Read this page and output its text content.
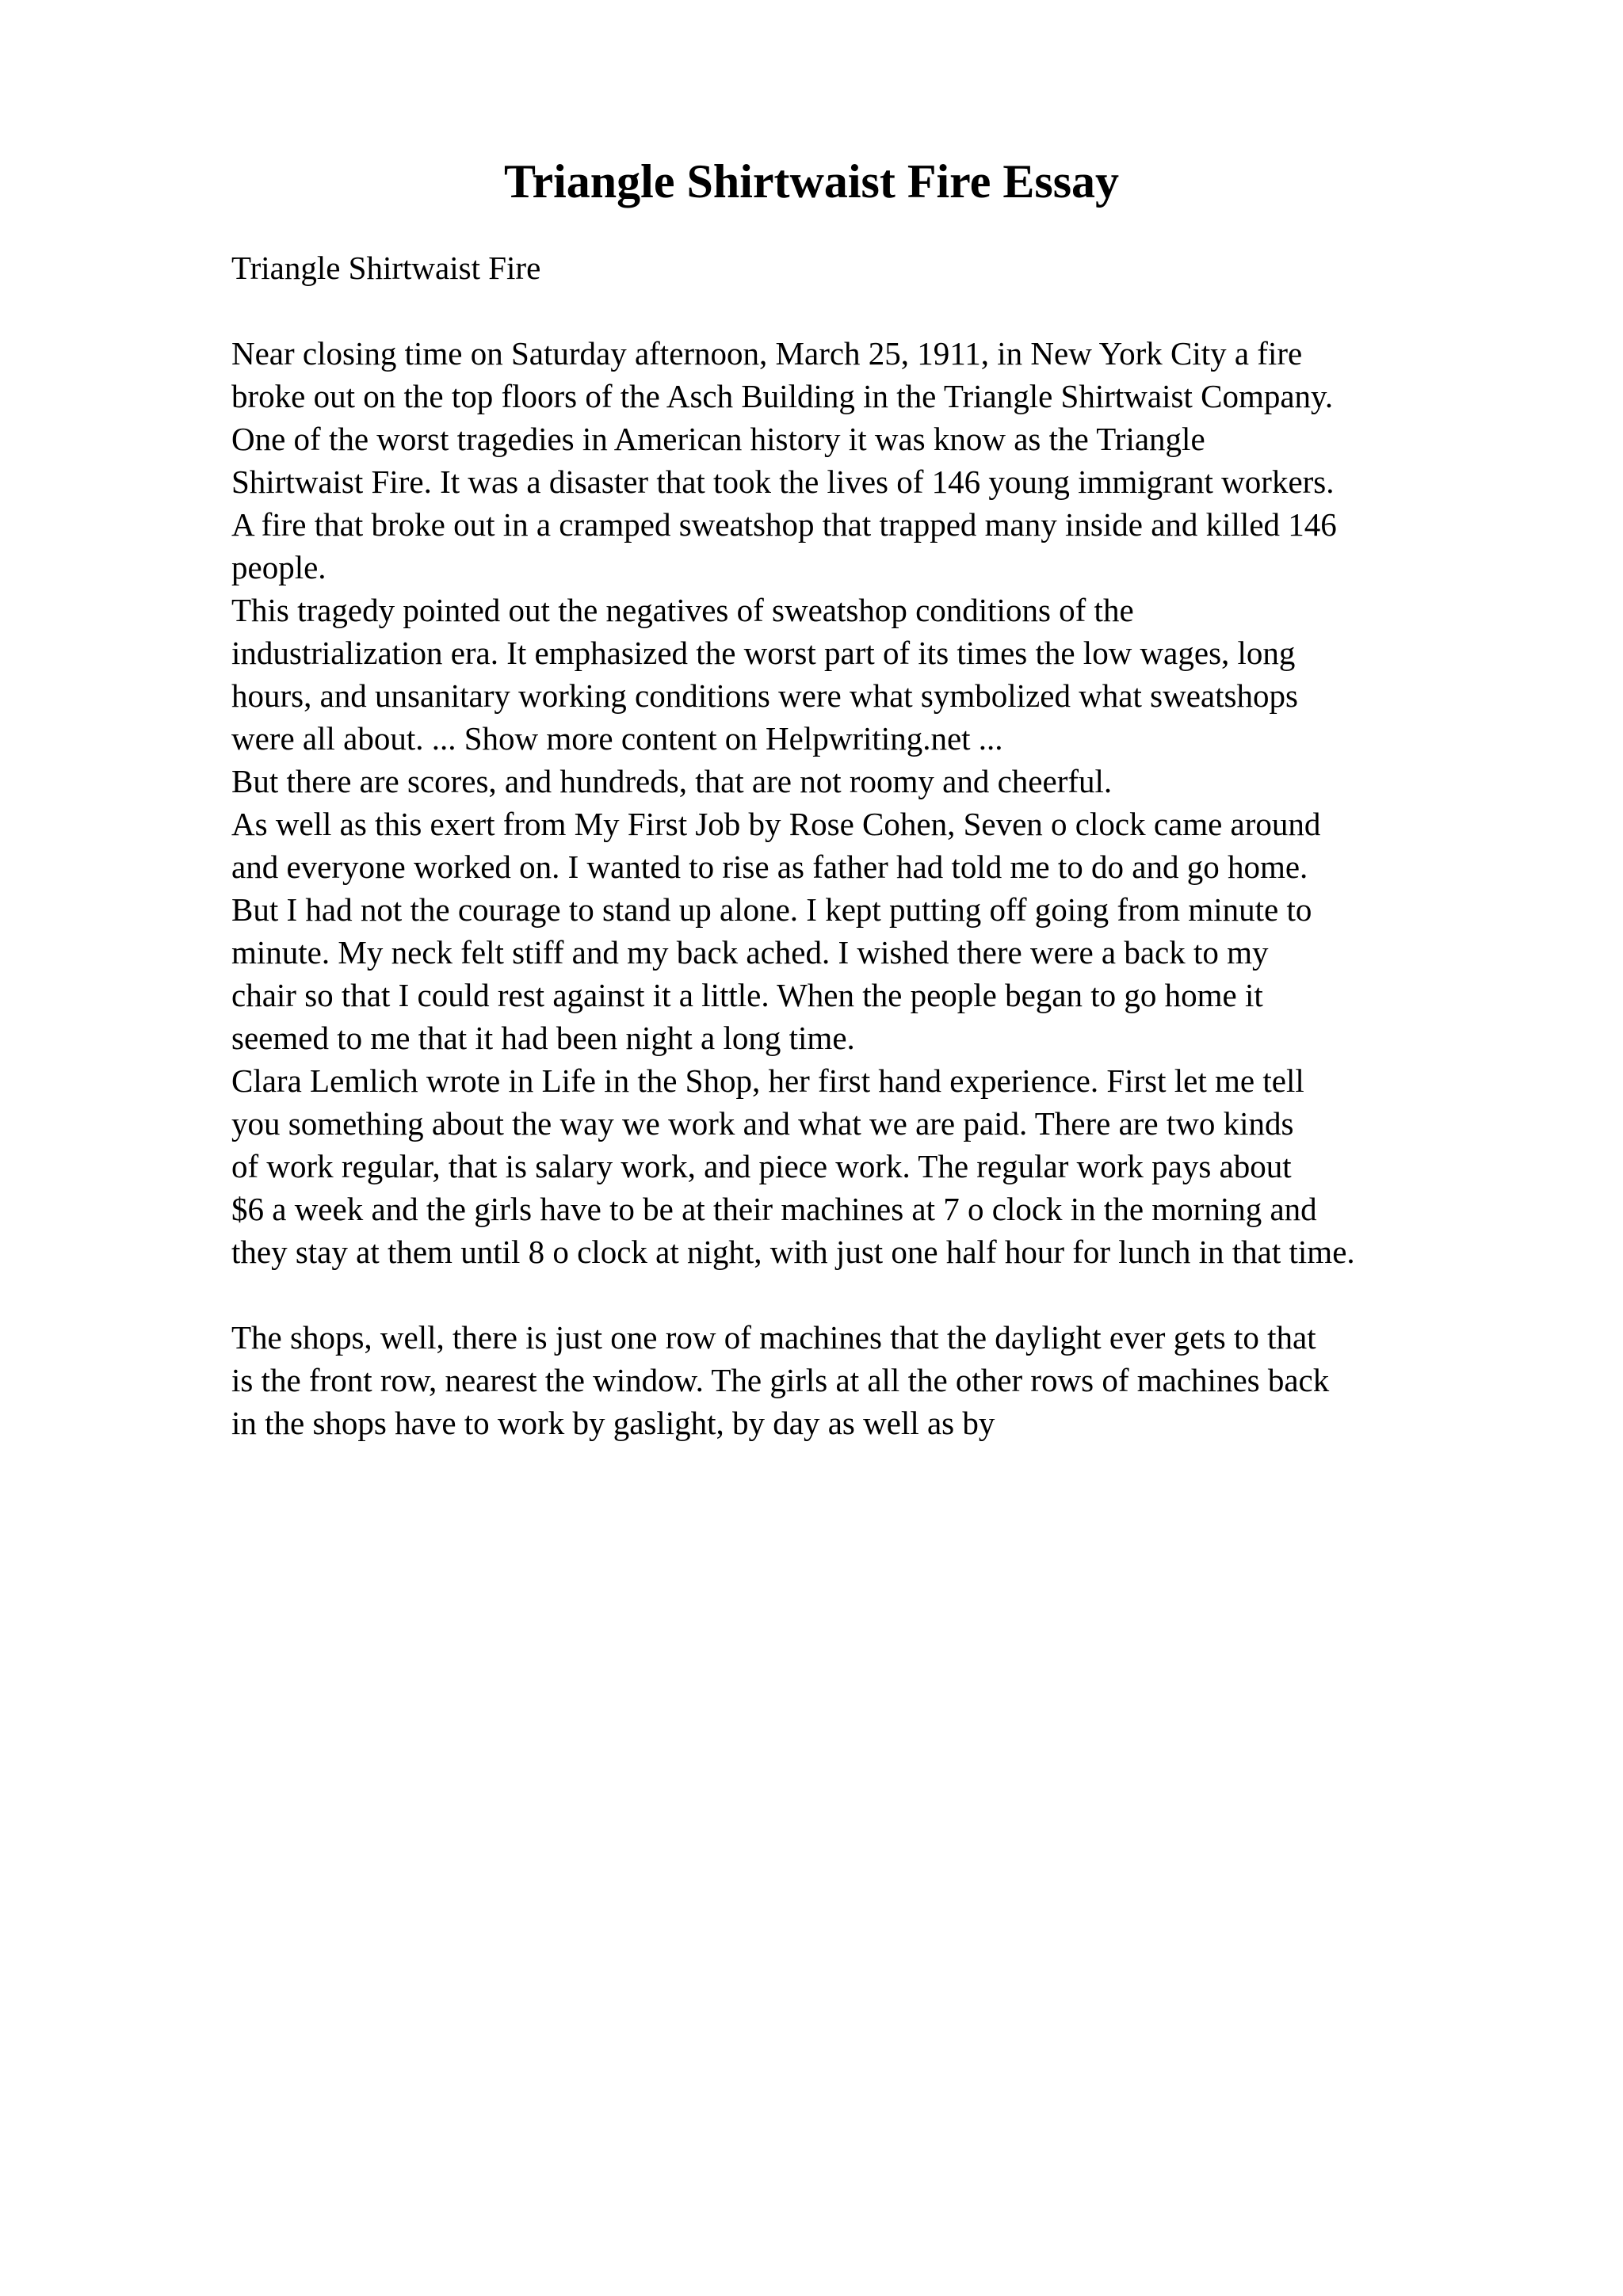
Triangle Shirtwaist Fire Essay

Triangle Shirtwaist Fire

Near closing time on Saturday afternoon, March 25, 1911, in New York City a fire

broke out on the top floors of the Asch Building in the Triangle Shirtwaist Company.

One of the worst tragedies in American history it was know as the Triangle

Shirtwaist Fire. It was a disaster that took the lives of 146 young immigrant workers.

A fire that broke out in a cramped sweatshop that trapped many inside and killed 146

people.

This tragedy pointed out the negatives of sweatshop conditions of the

industrialization era. It emphasized the worst part of its times the low wages, long

hours, and unsanitary working conditions were what symbolized what sweatshops

were all about. ... Show more content on Helpwriting.net ...

But there are scores, and hundreds, that are not roomy and cheerful.

As well as this exert from My First Job by Rose Cohen, Seven o clock came around

and everyone worked on. I wanted to rise as father had told me to do and go home.

But I had not the courage to stand up alone. I kept putting off going from minute to

minute. My neck felt stiff and my back ached. I wished there were a back to my

chair so that I could rest against it a little. When the people began to go home it

seemed to me that it had been night a long time.

Clara Lemlich wrote in Life in the Shop, her first hand experience. First let me tell

you something about the way we work and what we are paid. There are two kinds

of work regular, that is salary work, and piece work. The regular work pays about

$6 a week and the girls have to be at their machines at 7 o clock in the morning and

they stay at them until 8 o clock at night, with just one half hour for lunch in that time.

The shops, well, there is just one row of machines that the daylight ever gets to that

is the front row, nearest the window. The girls at all the other rows of machines back

in the shops have to work by gaslight, by day as well as by
